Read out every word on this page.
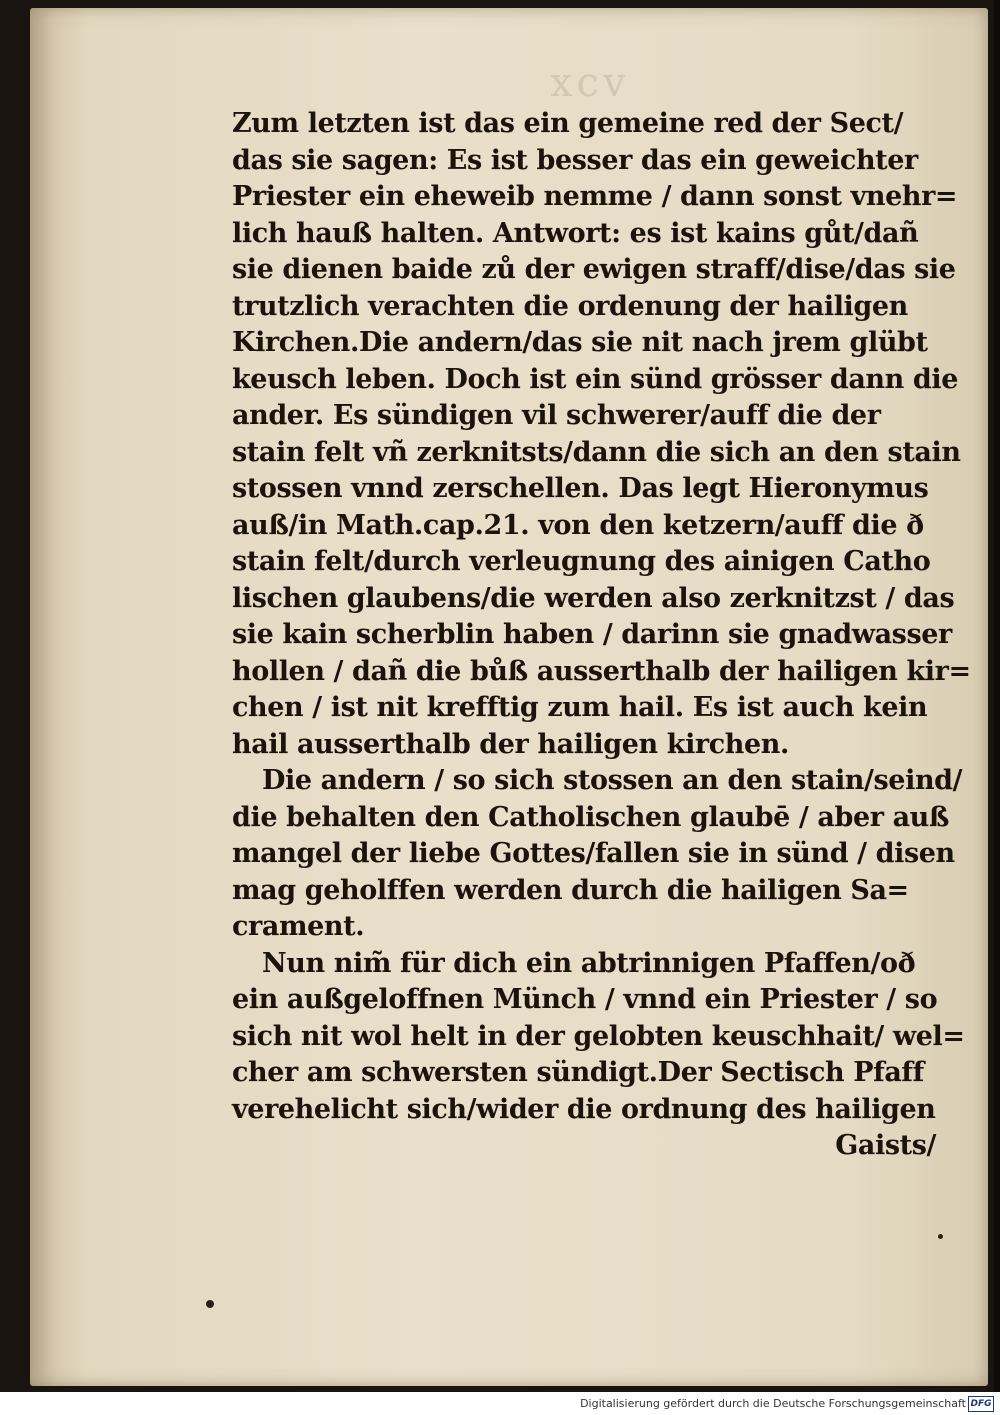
xcv
Zum letzten ist das ein gemeine red der Sect/
das sie sagen: Es ist besser das ein geweichter
Priester ein eheweib nemme / dann sonst vnehr=
lich hauß halten. Antwort: es ist kains gůt/dañ
sie dienen baide zů der ewigen straff/dise/das sie
trutzlich verachten die ordenung der hailigen
Kirchen.Die andern/das sie nit nach jrem glübt
keusch leben. Doch ist ein sünd grösser dann die
ander. Es sündigen vil schwerer/auff die der
stain felt vñ zerknitsts/dann die sich an den stain
stossen vnnd zerschellen. Das legt Hieronymus
auß/in Math.cap.21. von den ketzern/auff die ð
stain felt/durch verleugnung des ainigen Catho
lischen glaubens/die werden also zerknitzst / das
sie kain scherblin haben / darinn sie gnadwasser
hollen / dañ die bůß ausserthalb der hailigen kir=
chen / ist nit krefftig zum hail. Es ist auch kein
hail ausserthalb der hailigen kirchen.
Die andern / so sich stossen an den stain/seind/
die behalten den Catholischen glaubē / aber auß
mangel der liebe Gottes/fallen sie in sünd / disen
mag geholffen werden durch die hailigen Sa=
crament.
Nun nim̃ für dich ein abtrinnigen Pfaffen/oð
ein außgeloffnen Münch / vnnd ein Priester / so
sich nit wol helt in der gelobten keuschhait/ wel=
cher am schwersten sündigt.Der Sectisch Pfaff
verehelicht sich/wider die ordnung des hailigen
Gaists/
Digitalisierung gefördert durch die Deutsche Forschungsgemeinschaft DFG
